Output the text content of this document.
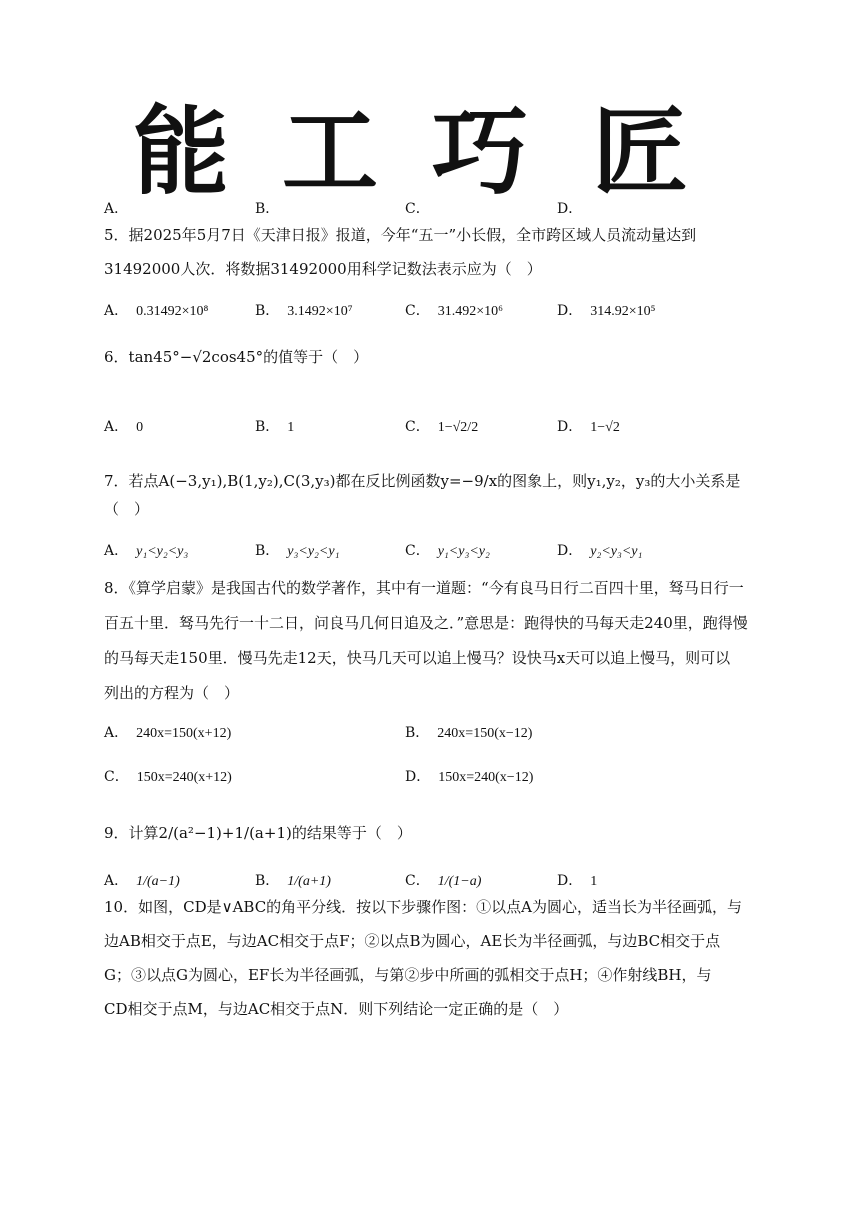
能 工 巧 匠
A．	B．	C．	D．
5．据2025年5月7日《天津日报》报道，今年“五一”小长假，全市跨区域人员流动量达到
31492000人次．将数据31492000用科学记数法表示应为（　）
A． 0.31492×10⁸	B． 3.1492×10⁷	C． 31.492×10⁶	D． 314.92×10⁵
6．tan45°−√2cos45°的值等于（　）
A． 0	B． 1	C． 1−√2/2	D． 1−√2
7．若点A(−3,y₁),B(1,y₂),C(3,y₃)都在反比例函数y=−9/x的图象上，则y₁,y₂，y₃的大小关系是
（　）
A． y₁<y₂<y₃	B． y₃<y₂<y₁	C． y₁<y₃<y₂	D． y₂<y₃<y₁
8．《算学启蒙》是我国古代的数学著作，其中有一道题：“今有良马日行二百四十里，驽马日行一
百五十里．驽马先行一十二日，问良马几何日追及之．”意思是：跑得快的马每天走240里，跑得慢
的马每天走150里．慢马先走12天，快马几天可以追上慢马？设快马x天可以追上慢马，则可以
列出的方程为（　）
A． 240x=150(x+12)	B． 240x=150(x−12)
C． 150x=240(x+12)	D． 150x=240(x−12)
9．计算2/(a²−1)+1/(a+1)的结果等于（　）
A． 1/(a−1)	B． 1/(a+1)	C． 1/(1−a)	D． 1
10．如图，CD是∨ABC的角平分线．按以下步骤作图：①以点A为圆心，适当长为半径画弧，与
边AB相交于点E，与边AC相交于点F；②以点B为圆心，AE长为半径画弧，与边BC相交于点
G；③以点G为圆心，EF长为半径画弧，与第②步中所画的弧相交于点H；④作射线BH，与
CD相交于点M，与边AC相交于点N．则下列结论一定正确的是（　）
